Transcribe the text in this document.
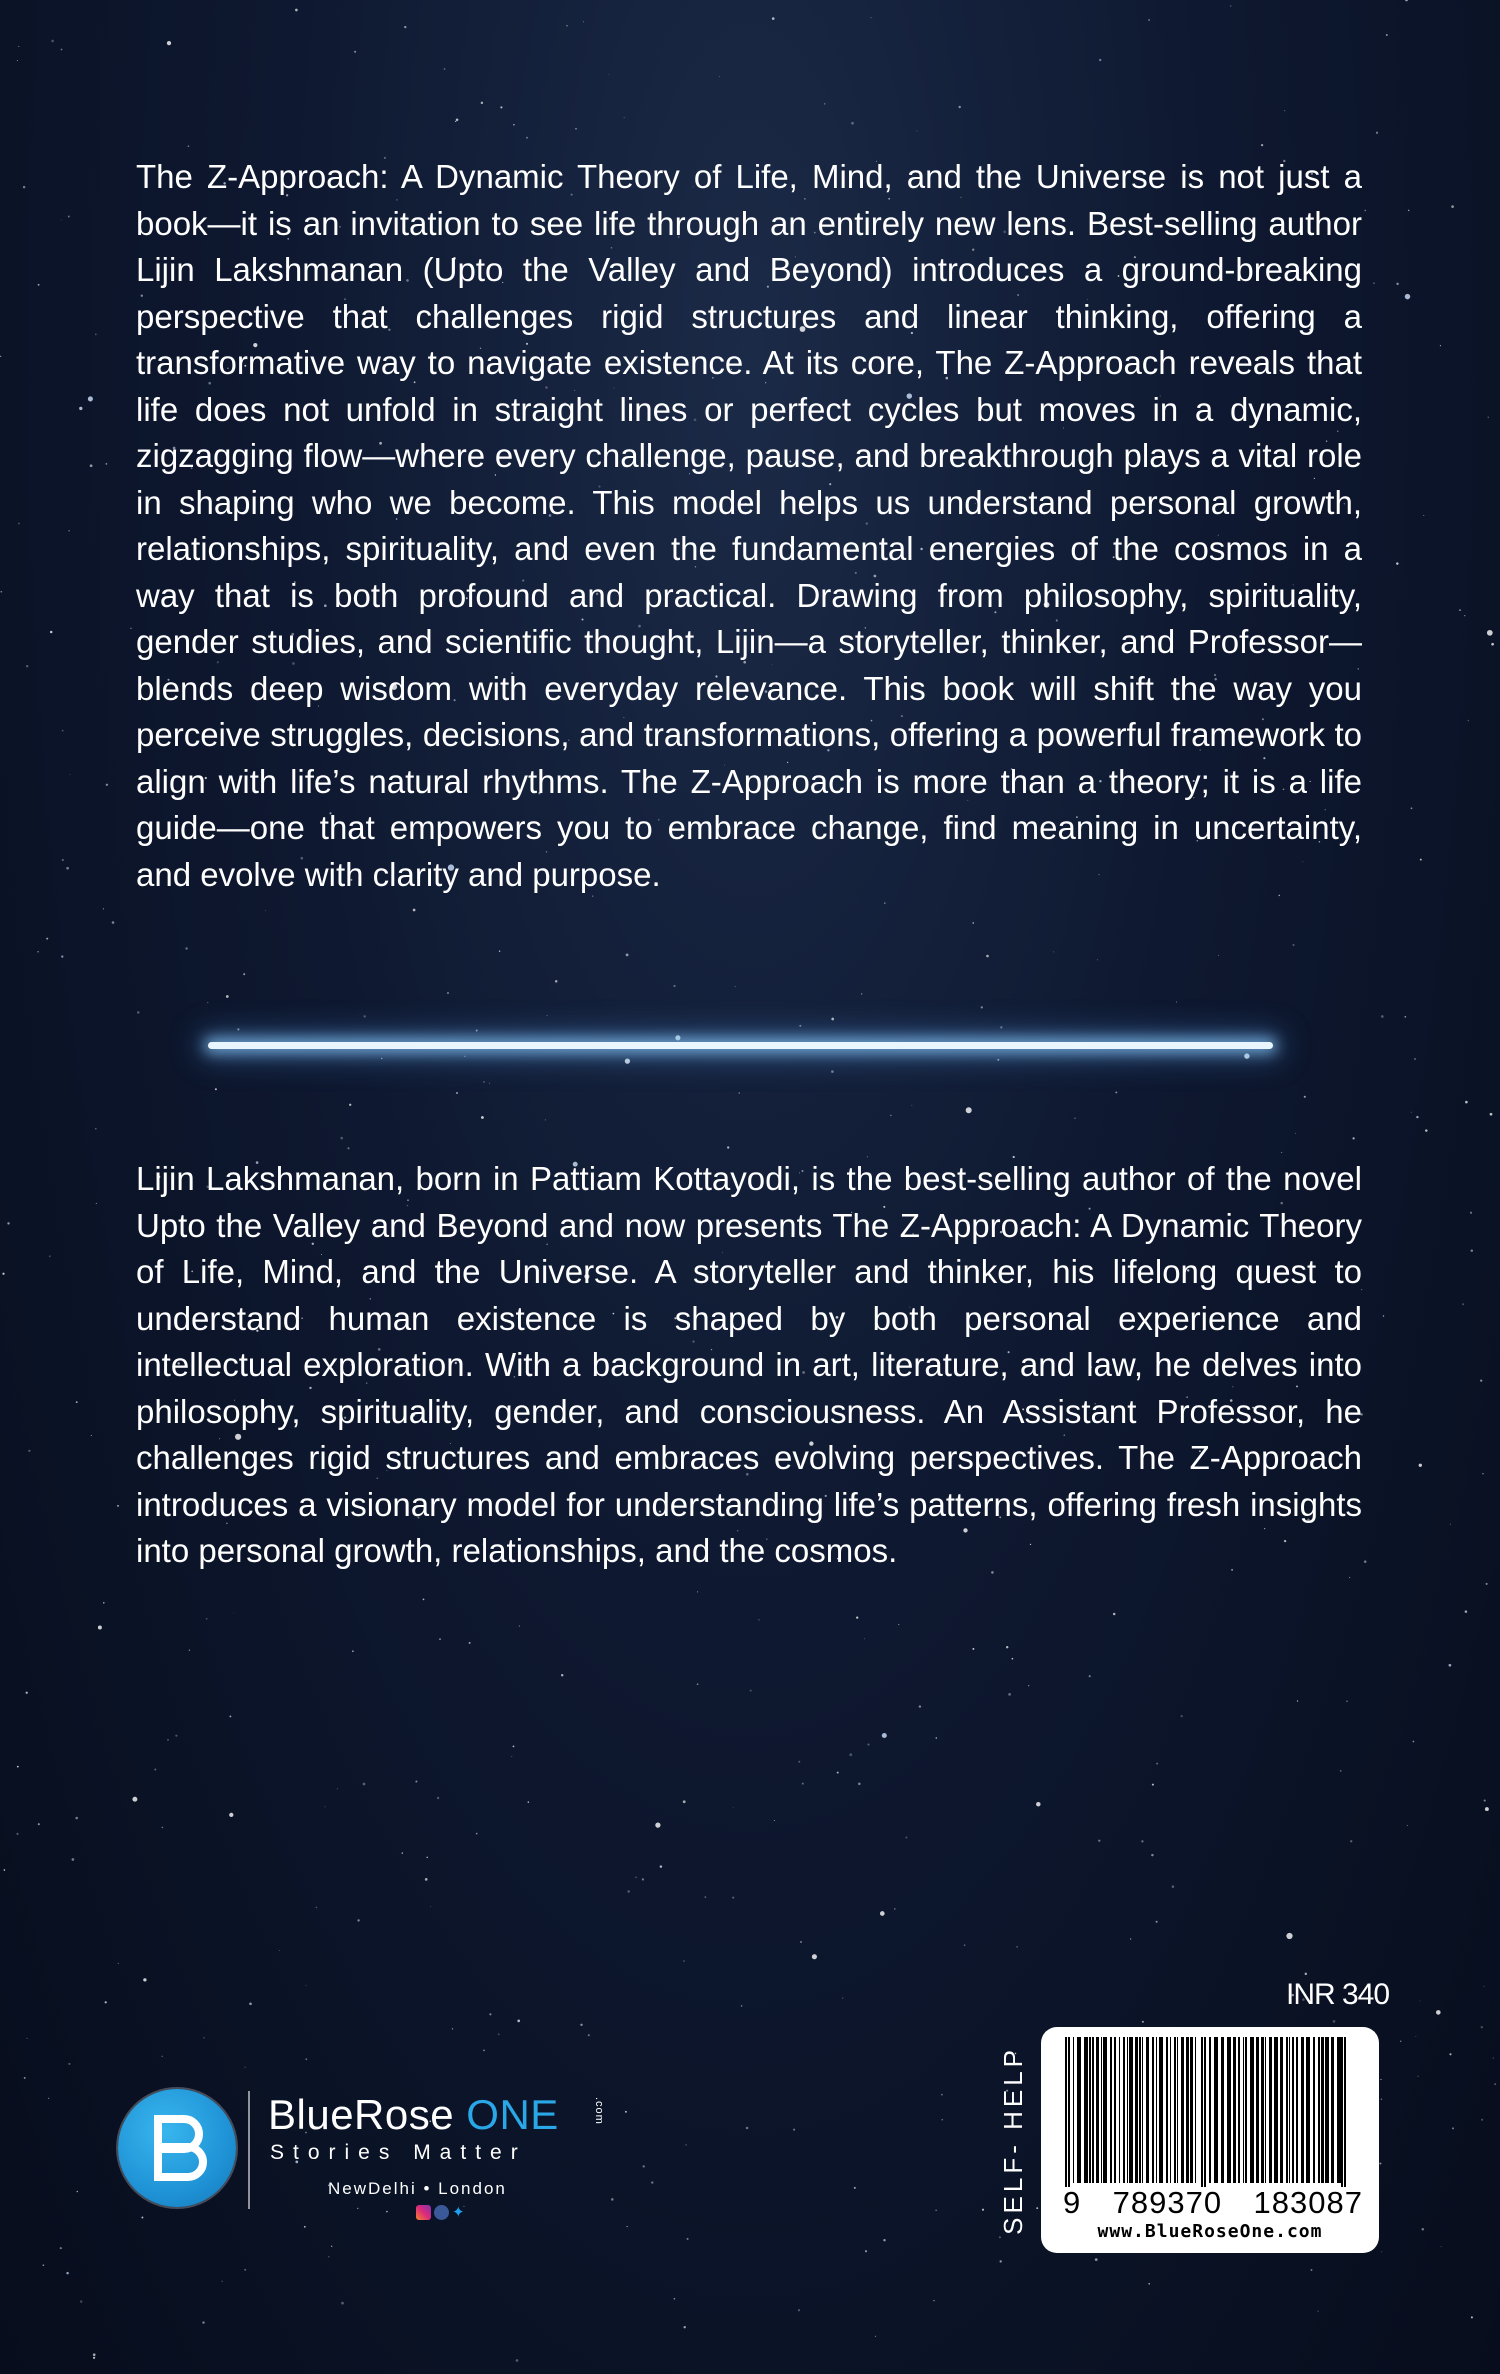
The Z-Approach: A Dynamic Theory of Life, Mind, and the Universe is not just a book—it is an invitation to see life through an entirely new lens. Best-selling author Lijin Lakshmanan (Upto the Valley and Beyond) introduces a ground-breaking perspective that challenges rigid structures and linear thinking, offering a transformative way to navigate existence. At its core, The Z-Approach reveals that life does not unfold in straight lines or perfect cycles but moves in a dynamic, zigzagging flow—where every challenge, pause, and breakthrough plays a vital role in shaping who we become. This model helps us understand personal growth, relationships, spirituality, and even the fundamental energies of the cosmos in a way that is both profound and practical. Drawing from philosophy, spirituality, gender studies, and scientific thought, Lijin—a storyteller, thinker, and Professor—blends deep wisdom with everyday relevance. This book will shift the way you perceive struggles, decisions, and transformations, offering a powerful framework to align with life’s natural rhythms. The Z-Approach is more than a theory; it is a life guide—one that empowers you to embrace change, find meaning in uncertainty, and evolve with clarity and purpose.

Lijin Lakshmanan, born in Pattiam Kottayodi, is the best-selling author of the novel Upto the Valley and Beyond and now presents The Z-Approach: A Dynamic Theory of Life, Mind, and the Universe. A storyteller and thinker, his lifelong quest to understand human existence is shaped by both personal experience and intellectual exploration. With a background in art, literature, and law, he delves into philosophy, spirituality, gender, and consciousness. An Assistant Professor, he challenges rigid structures and embraces evolving perspectives. The Z-Approach introduces a visionary model for understanding life’s patterns, offering fresh insights into personal growth, relationships, and the cosmos.

BlueRose ONE	.com
Stories Matter
NewDelhi • London
✦
INR 340
SELF- HELP 9 789370 183087
www.BlueRoseOne.com
